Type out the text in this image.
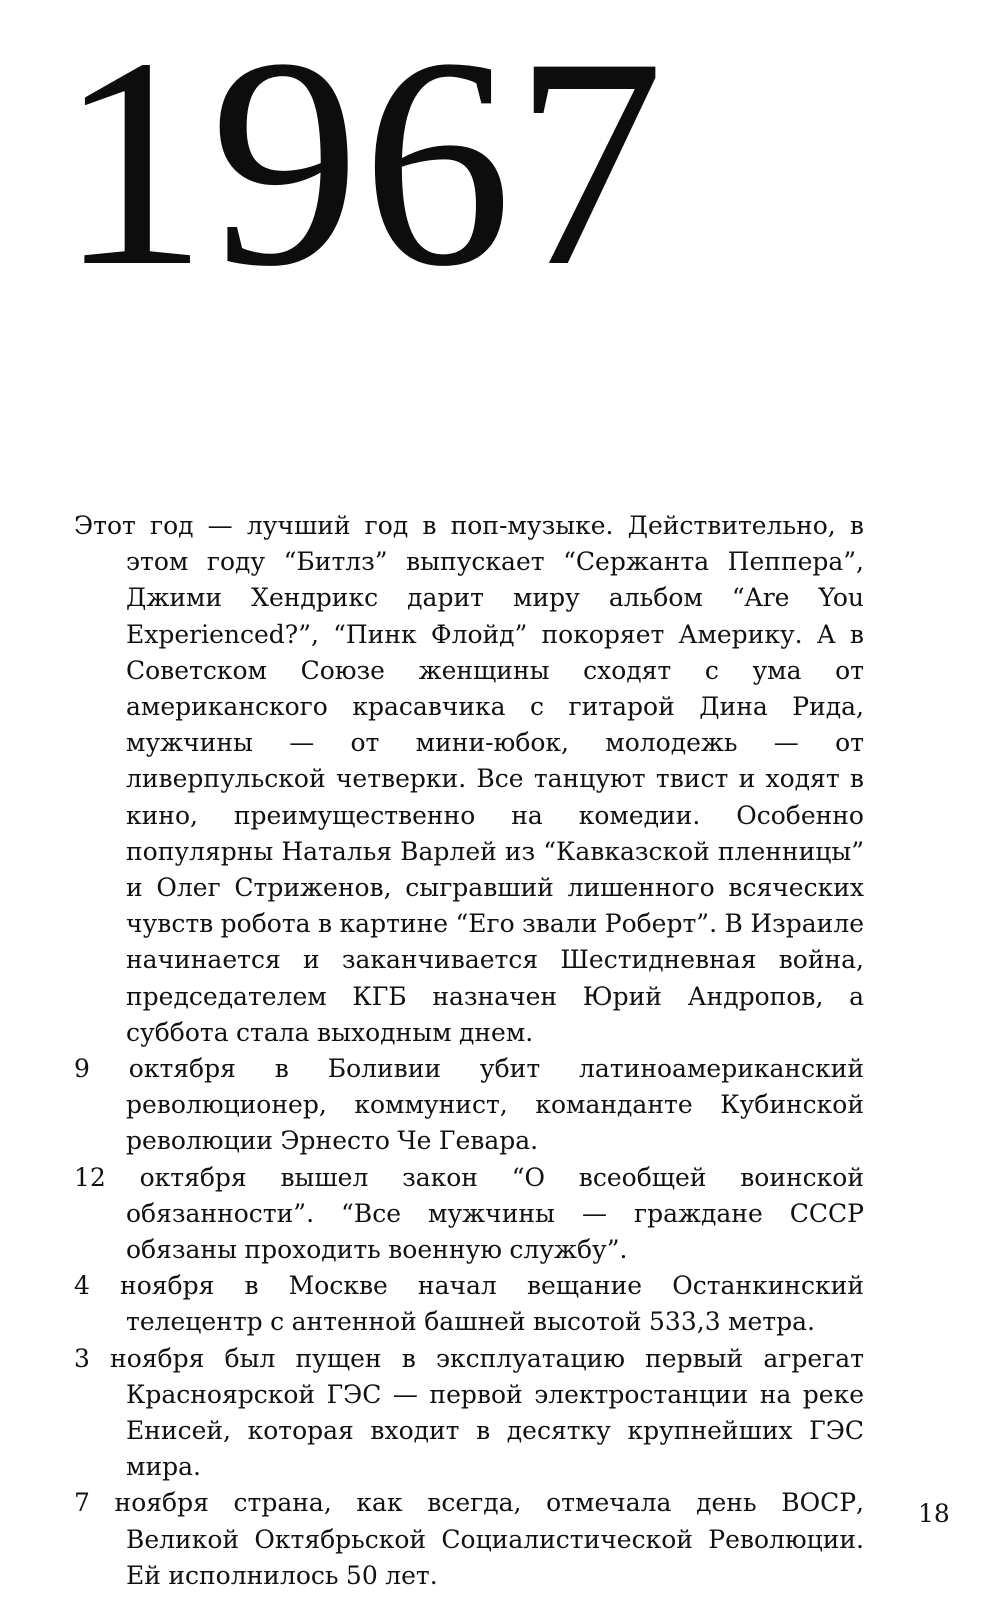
1967

Этот год — лучший год в поп-музыке. Действительно, в этом году “Битлз” выпускает “Сержанта Пеппера”, Джими Хендрикс дарит миру альбом “Are You Experienced?”, “Пинк Флойд” покоряет Америку. А в Советском Союзе женщины сходят с ума от американского красавчика с гитарой Дина Рида, мужчины — от мини-юбок, молодежь — от ливерпульской четверки. Все танцуют твист и ходят в кино, преимущественно на комедии. Особенно популярны Наталья Варлей из “Кавказской пленницы” и Олег Стриженов, сыгравший лишенного всяческих чувств робота в картине “Его звали Роберт”. В Израиле начинается и заканчивается Шестидневная война, председателем КГБ назначен Юрий Андропов, а суббота стала выходным днем.

9 октября в Боливии убит латиноамериканский революционер, коммунист, команданте Кубинской революции Эрнесто Че Гевара.

12 октября вышел закон “О всеобщей воинской обязанности”. “Все мужчины — граждане СССР обязаны проходить военную службу”.

4 ноября в Москве начал вещание Останкинский телецентр с антенной башней высотой 533,3 метра.

3 ноября был пущен в эксплуатацию первый агрегат Красноярской ГЭС — первой электростанции на реке Енисей, которая входит в десятку крупнейших ГЭС мира.

7 ноября страна, как всегда, отмечала день ВОСР, Великой Октябрьской Социалистической Революции. Ей исполнилось 50 лет.

18
